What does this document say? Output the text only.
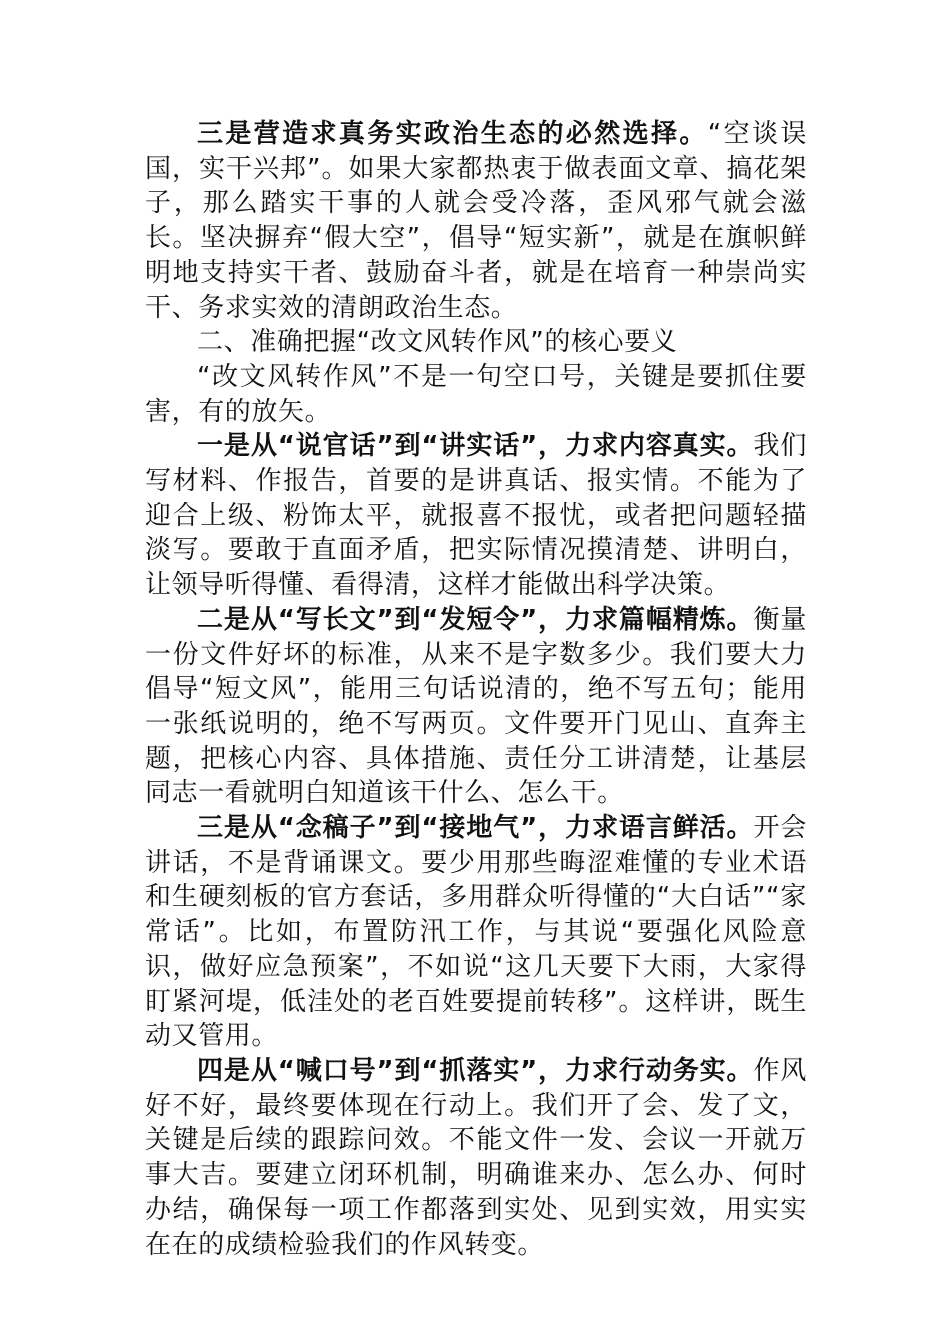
三是营造求真务实政治生态的必然选择。“空谈误国，实干兴邦”。如果大家都热衷于做表面文章、搞花架子，那么踏实干事的人就会受冷落，歪风邪气就会滋长。坚决摒弃“假大空”，倡导“短实新”，就是在旗帜鲜明地支持实干者、鼓励奋斗者，就是在培育一种崇尚实干、务求实效的清朗政治生态。

二、准确把握“改文风转作风”的核心要义

“改文风转作风”不是一句空口号，关键是要抓住要害，有的放矢。

一是从“说官话”到“讲实话”，力求内容真实。我们写材料、作报告，首要的是讲真话、报实情。不能为了迎合上级、粉饰太平，就报喜不报忧，或者把问题轻描淡写。要敢于直面矛盾，把实际情况摸清楚、讲明白，让领导听得懂、看得清，这样才能做出科学决策。

二是从“写长文”到“发短令”，力求篇幅精炼。衡量一份文件好坏的标准，从来不是字数多少。我们要大力倡导“短文风”，能用三句话说清的，绝不写五句；能用一张纸说明的，绝不写两页。文件要开门见山、直奔主题，把核心内容、具体措施、责任分工讲清楚，让基层同志一看就明白知道该干什么、怎么干。

三是从“念稿子”到“接地气”，力求语言鲜活。开会讲话，不是背诵课文。要少用那些晦涩难懂的专业术语和生硬刻板的官方套话，多用群众听得懂的“大白话”“家常话”。比如，布置防汛工作，与其说“要强化风险意识，做好应急预案”，不如说“这几天要下大雨，大家得盯紧河堤，低洼处的老百姓要提前转移”。这样讲，既生动又管用。

四是从“喊口号”到“抓落实”，力求行动务实。作风好不好，最终要体现在行动上。我们开了会、发了文，关键是后续的跟踪问效。不能文件一发、会议一开就万事大吉。要建立闭环机制，明确谁来办、怎么办、何时办结，确保每一项工作都落到实处、见到实效，用实实在在的成绩检验我们的作风转变。
